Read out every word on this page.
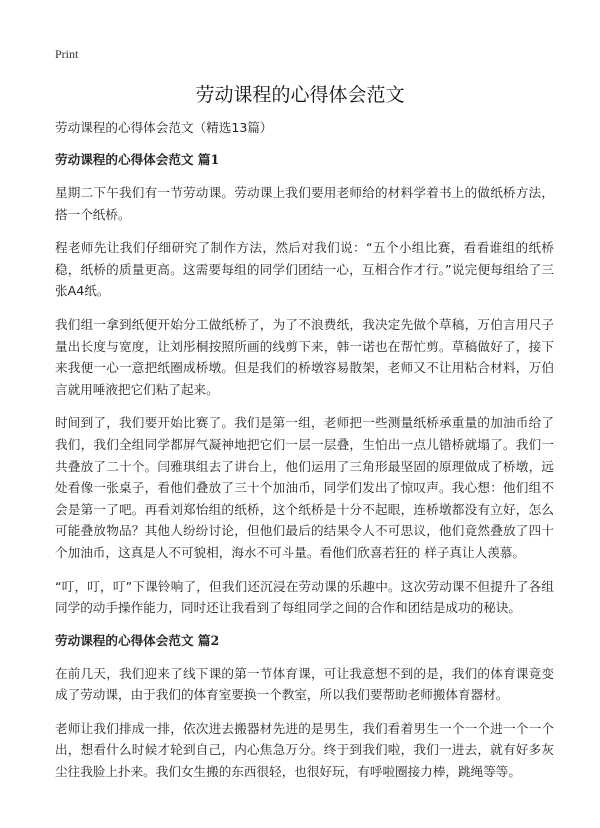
Print
劳动课程的心得体会范文

劳动课程的心得体会范文（精选13篇）

劳动课程的心得体会范文 篇1

星期二下午我们有一节劳动课。劳动课上我们要用老师给的材料学着书上的做纸桥方法，搭一个纸桥。

程老师先让我们仔细研究了制作方法，然后对我们说：“五个小组比赛，看看谁组的纸桥稳，纸桥的质量更高。这需要每组的同学们团结一心，互相合作才行。”说完便每组给了三张A4纸。

我们组一拿到纸便开始分工做纸桥了，为了不浪费纸，我决定先做个草稿，万伯言用尺子量出长度与宽度，让刘彤桐按照所画的线剪下来，韩一诺也在帮忙剪。草稿做好了，接下来我便一心一意把纸圈成桥墩。但是我们的桥墩容易散架，老师又不让用粘合材料，万伯言就用唾液把它们粘了起来。

时间到了，我们要开始比赛了。我们是第一组，老师把一些测量纸桥承重量的加油币给了我们，我们全组同学都屏气凝神地把它们一层一层叠，生怕出一点儿错桥就塌了。我们一共叠放了二十个。闫雅琪组去了讲台上，他们运用了三角形最坚固的原理做成了桥墩，远处看像一张桌子，看他们叠放了三十个加油币，同学们发出了惊叹声。我心想：他们组不会是第一了吧。再看刘郑怡组的纸桥，这个纸桥是十分不起眼，连桥墩都没有立好，怎么可能叠放物品？其他人纷纷讨论，但他们最后的结果令人不可思议，他们竟然叠放了四十个加油币，这真是人不可貌相，海水不可斗量。看他们欣喜若狂的 样子真让人羡慕。

“叮，叮，叮”下课铃响了，但我们还沉浸在劳动课的乐趣中。这次劳动课不但提升了各组同学的动手操作能力，同时还让我看到了每组同学之间的合作和团结是成功的秘诀。

劳动课程的心得体会范文 篇2

在前几天，我们迎来了线下课的第一节体育课，可让我意想不到的是，我们的体育课竟变成了劳动课，由于我们的体育室要换一个教室，所以我们要帮助老师搬体育器材。

老师让我们排成一排，依次进去搬器材先进的是男生，我们看着男生一个一个进一个一个出，想看什么时候才轮到自己，内心焦急万分。终于到我们啦，我们一进去，就有好多灰尘往我脸上扑来。我们女生搬的东西很轻，也很好玩，有呼啦圈接力棒，跳绳等等。
